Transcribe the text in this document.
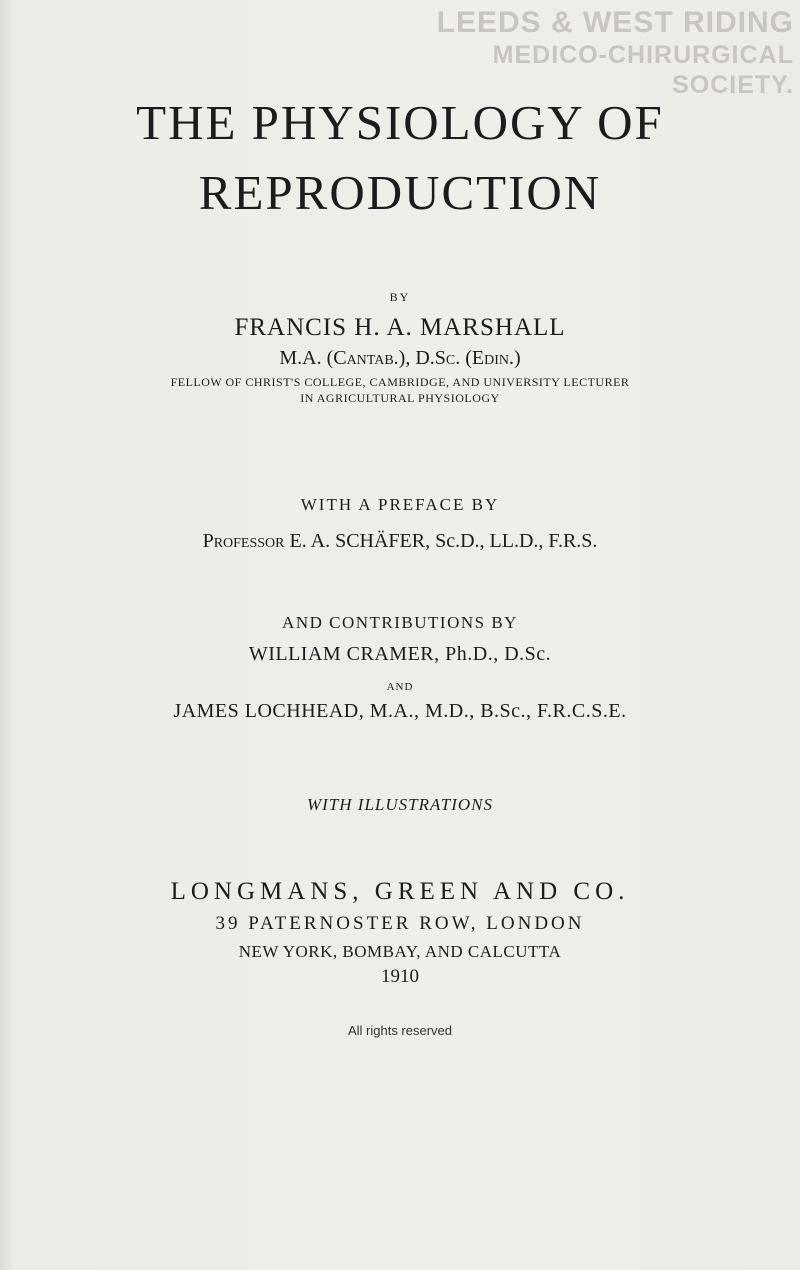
LEEDS & WEST RIDING
MEDICO-CHIRURGICAL SOCIETY.
THE PHYSIOLOGY OF
REPRODUCTION
BY
FRANCIS H. A. MARSHALL
M.A. (Cantab.), D.Sc. (Edin.)
FELLOW OF CHRIST'S COLLEGE, CAMBRIDGE, AND UNIVERSITY LECTURER
IN AGRICULTURAL PHYSIOLOGY
WITH A PREFACE BY
Professor E. A. SCHÄFER, Sc.D., LL.D., F.R.S.
AND CONTRIBUTIONS BY
WILLIAM CRAMER, Ph.D., D.Sc.
AND
JAMES LOCHHEAD, M.A., M.D., B.Sc., F.R.C.S.E.
WITH ILLUSTRATIONS
LONGMANS, GREEN AND CO.
39 PATERNOSTER ROW, LONDON
NEW YORK, BOMBAY, AND CALCUTTA
1910
All rights reserved
